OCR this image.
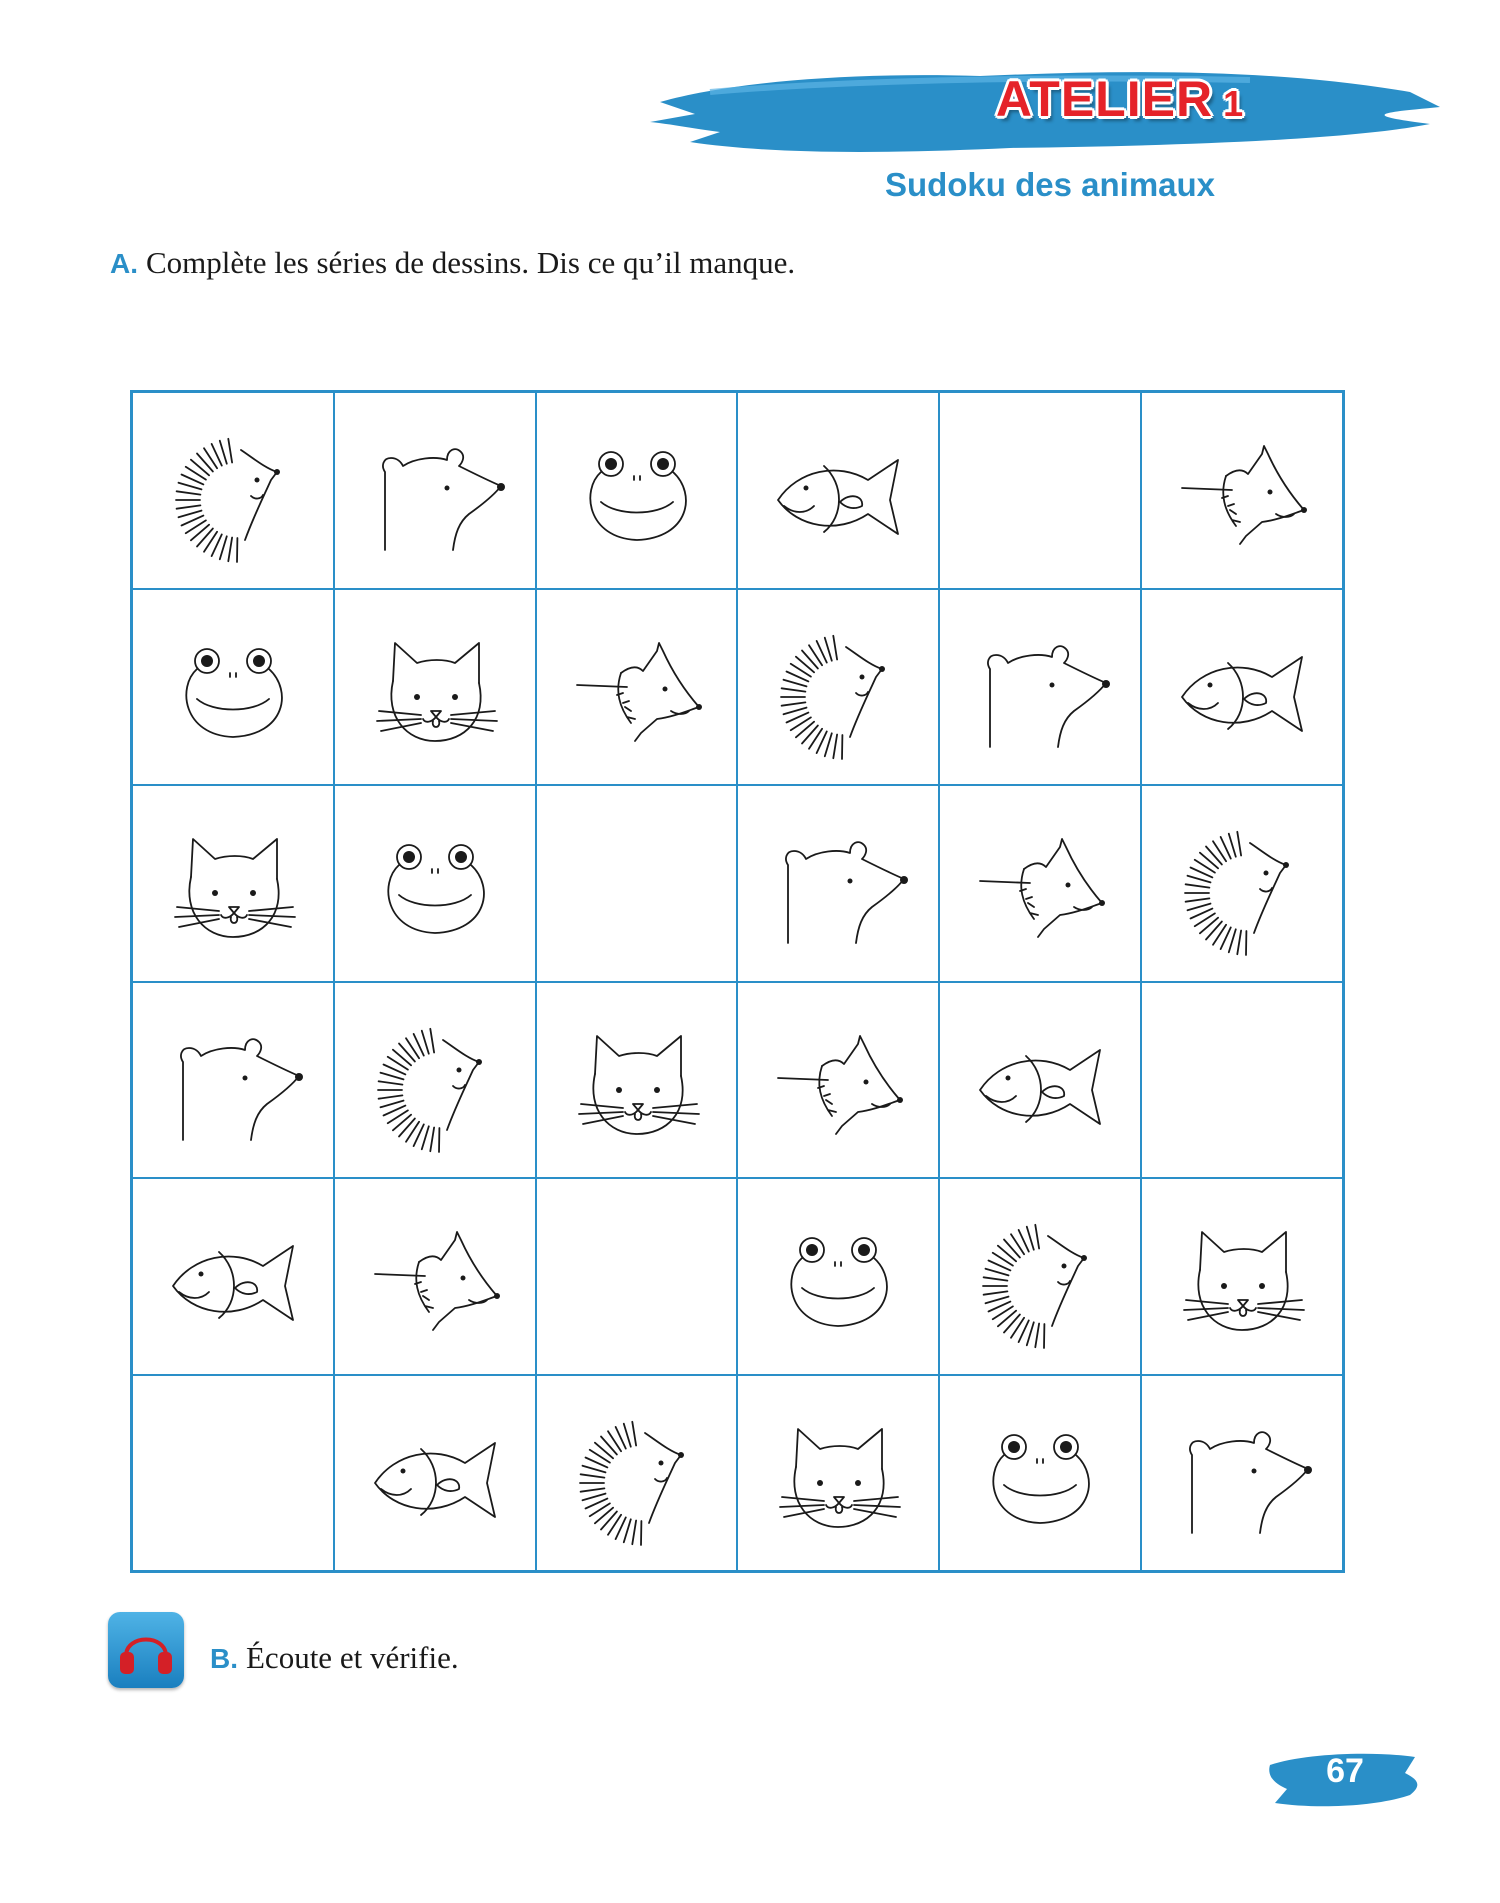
ATELIER 1
Sudoku des animaux
A. Complète les séries de dessins. Dis ce qu’il manque.
B. Écoute et vérifie.
67
